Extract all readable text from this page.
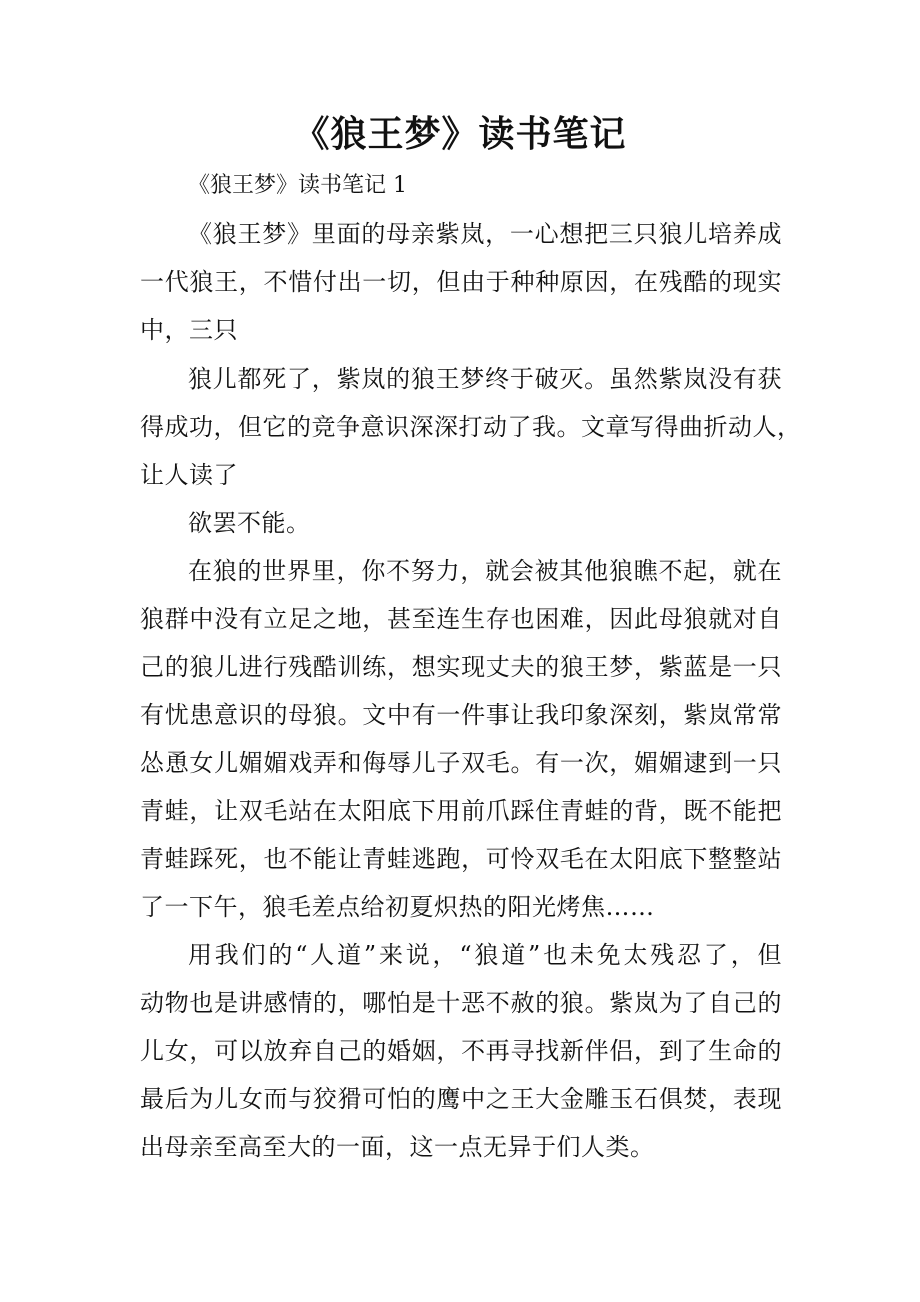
《狼王梦》读书笔记

《狼王梦》读书笔记 1

《狼王梦》里面的母亲紫岚，一心想把三只狼儿培养成
一代狼王，不惜付出一切，但由于种种原因，在残酷的现实
中，三只
狼儿都死了，紫岚的狼王梦终于破灭。虽然紫岚没有获
得成功，但它的竞争意识深深打动了我。文章写得曲折动人，
让人读了
欲罢不能。
在狼的世界里，你不努力，就会被其他狼瞧不起，就在
狼群中没有立足之地，甚至连生存也困难，因此母狼就对自
己的狼儿进行残酷训练，想实现丈夫的狼王梦，紫蓝是一只
有忧患意识的母狼。文中有一件事让我印象深刻，紫岚常常
怂恿女儿媚媚戏弄和侮辱儿子双毛。有一次，媚媚逮到一只
青蛙，让双毛站在太阳底下用前爪踩住青蛙的背，既不能把
青蛙踩死，也不能让青蛙逃跑，可怜双毛在太阳底下整整站
了一下午，狼毛差点给初夏炽热的阳光烤焦……
用我们的“人道”来说，“狼道”也未免太残忍了，但
动物也是讲感情的，哪怕是十恶不赦的狼。紫岚为了自己的
儿女，可以放弃自己的婚姻，不再寻找新伴侣，到了生命的
最后为儿女而与狡猾可怕的鹰中之王大金雕玉石俱焚，表现
出母亲至高至大的一面，这一点无异于们人类。
